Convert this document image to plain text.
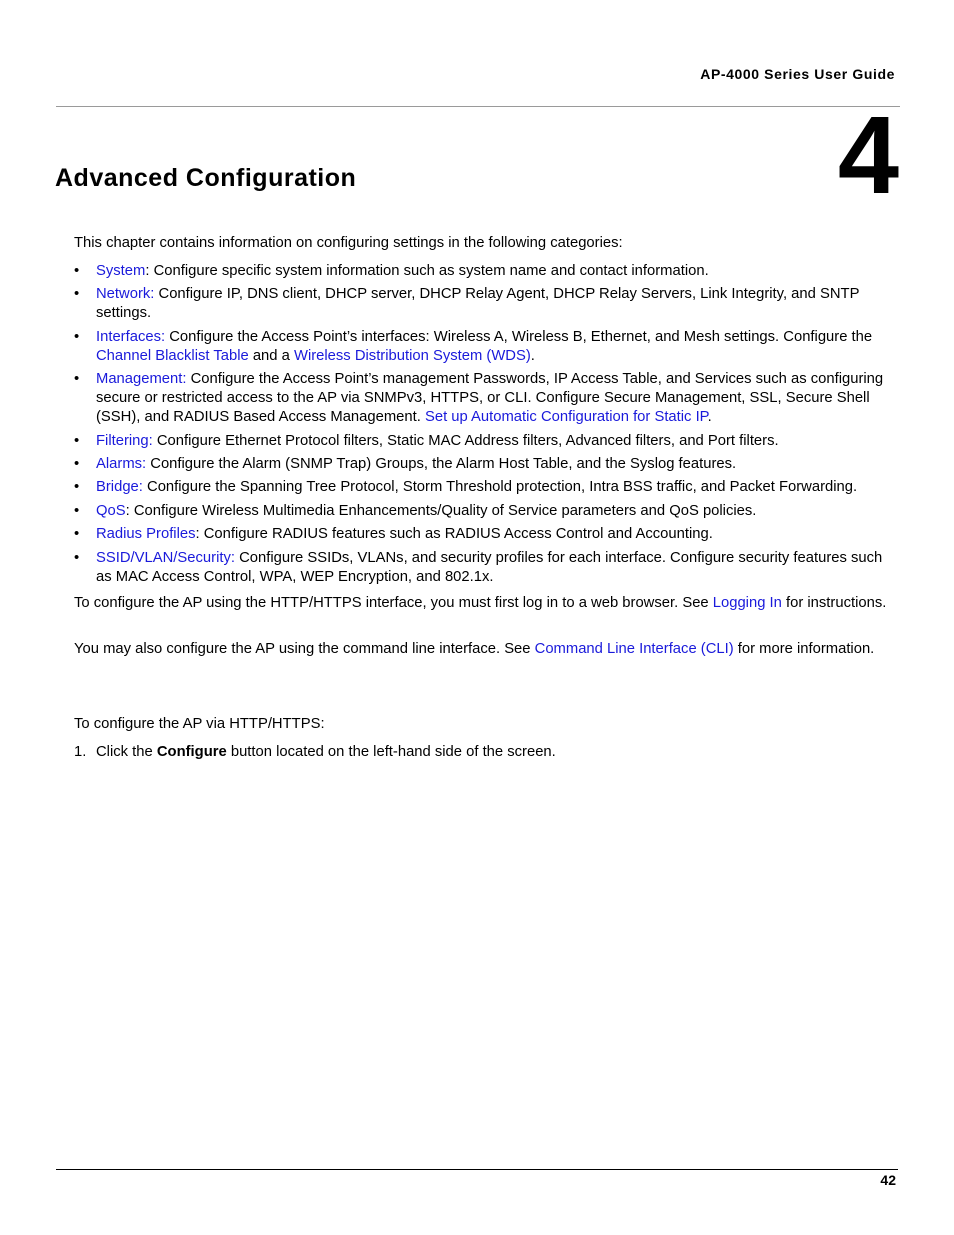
AP-4000 Series User Guide
4
Advanced Configuration
This chapter contains information on configuring settings in the following categories:
• System: Configure specific system information such as system name and contact information.
• Network: Configure IP, DNS client, DHCP server, DHCP Relay Agent, DHCP Relay Servers, Link Integrity, and SNTP settings.
• Interfaces: Configure the Access Point’s interfaces: Wireless A, Wireless B, Ethernet, and Mesh settings. Configure the Channel Blacklist Table and a Wireless Distribution System (WDS).
• Management: Configure the Access Point’s management Passwords, IP Access Table, and Services such as configuring secure or restricted access to the AP via SNMPv3, HTTPS, or CLI. Configure Secure Management, SSL, Secure Shell (SSH), and RADIUS Based Access Management. Set up Automatic Configuration for Static IP.
• Filtering: Configure Ethernet Protocol filters, Static MAC Address filters, Advanced filters, and Port filters.
• Alarms: Configure the Alarm (SNMP Trap) Groups, the Alarm Host Table, and the Syslog features.
• Bridge: Configure the Spanning Tree Protocol, Storm Threshold protection, Intra BSS traffic, and Packet Forwarding.
• QoS: Configure Wireless Multimedia Enhancements/Quality of Service parameters and QoS policies.
• Radius Profiles: Configure RADIUS features such as RADIUS Access Control and Accounting.
• SSID/VLAN/Security: Configure SSIDs, VLANs, and security profiles for each interface. Configure security features such as MAC Access Control, WPA, WEP Encryption, and 802.1x.
To configure the AP using the HTTP/HTTPS interface, you must first log in to a web browser. See Logging In for instructions.
You may also configure the AP using the command line interface. See Command Line Interface (CLI) for more information.
To configure the AP via HTTP/HTTPS:
1. Click the Configure button located on the left-hand side of the screen.
42
